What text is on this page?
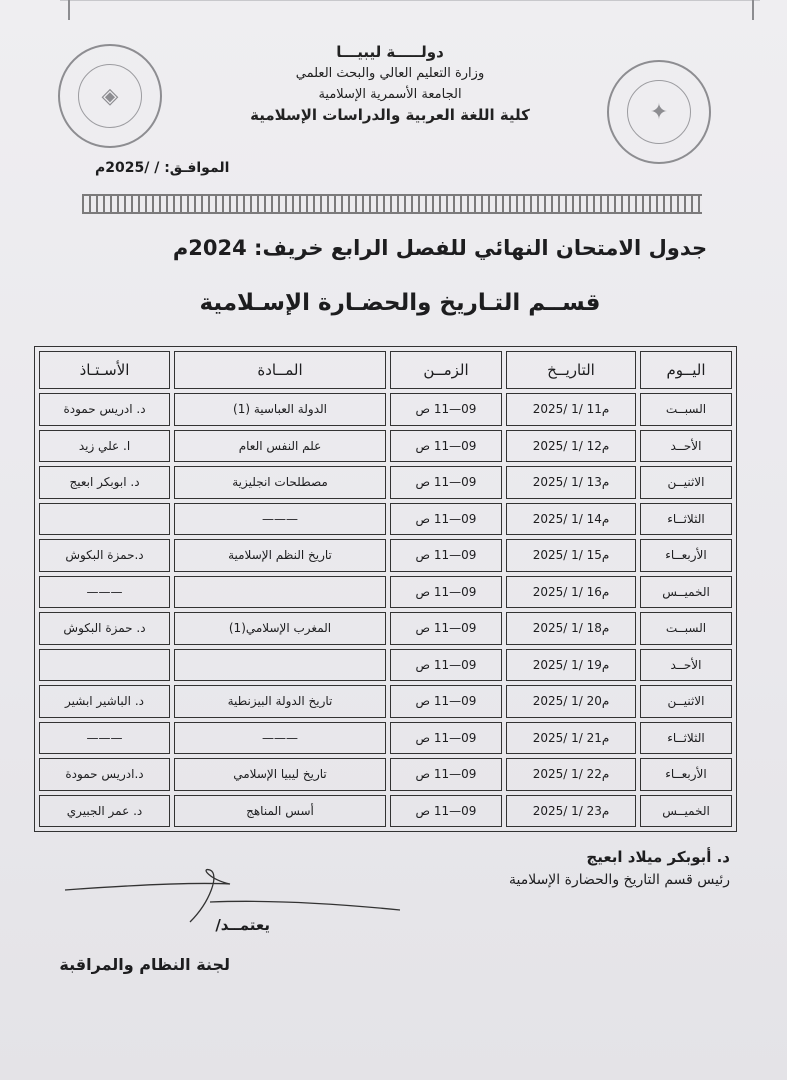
◈
✦
دولـــــة ليبيـــا
وزارة التعليم العالي والبحث العلمي
الجامعة الأسمرية الإسلامية
كلية اللغة العربية والدراسات الإسلامية
الموافـق: / /2025م
جدول الامتحان النهائي للفصل الرابع خريف: 2024م
قســم التـاريخ والحضـارة الإسـلامية
اليــوم	التاريــخ	الزمــن	المــادة	الأسـتـاذ
السبــت	2025/ 1/ 11م	09—11 ص	الدولة العباسية (1)	د. ادريس حمودة
الأحــد	2025/ 1/ 12م	09—11 ص	علم النفس العام	ا. علي زيد
الاثنيــن	2025/ 1/ 13م	09—11 ص	مصطلحات انجليزية	د. ابوبكر ابعيج
الثلاثــاء	2025/ 1/ 14م	09—11 ص	———	
الأربعــاء	2025/ 1/ 15م	09—11 ص	تاريخ النظم الإسلامية	د.حمزة البكوش
الخميــس	2025/ 1/ 16م	09—11 ص		———
السبــت	2025/ 1/ 18م	09—11 ص	المغرب الإسلامي(1)	د. حمزة البكوش
الأحــد	2025/ 1/ 19م	09—11 ص		
الاثنيــن	2025/ 1/ 20م	09—11 ص	تاريخ الدولة البيزنطية	د. الباشير ابشير
الثلاثــاء	2025/ 1/ 21م	09—11 ص	———	———
الأربعــاء	2025/ 1/ 22م	09—11 ص	تاريخ ليبيا الإسلامي	د.ادريس حمودة
الخميــس	2025/ 1/ 23م	09—11 ص	أسس المناهج	د. عمر الجبيري
د. أبوبكر ميلاد ابعيج
رئيس قسم التاريخ والحضارة الإسلامية
يعتمــد/
لجنة النظام والمراقبة
